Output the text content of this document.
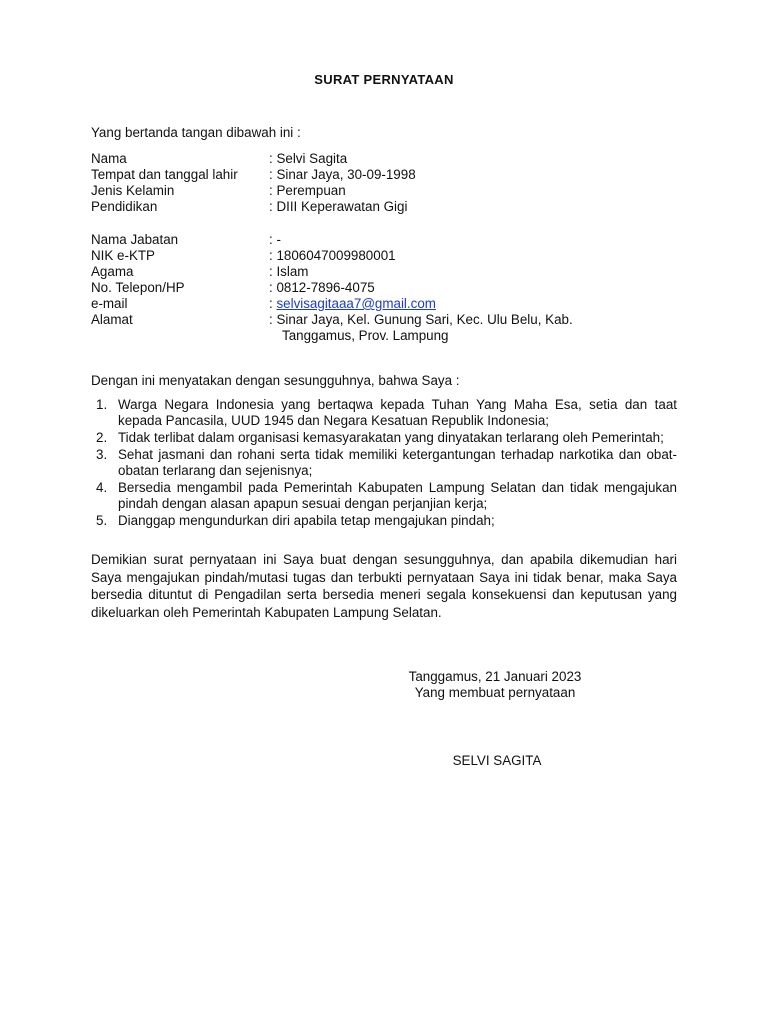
SURAT PERNYATAAN
Yang bertanda tangan dibawah ini :
Nama	: Selvi Sagita
Tempat dan tanggal lahir	: Sinar Jaya, 30-09-1998
Jenis Kelamin	: Perempuan
Pendidikan	: DIII Keperawatan Gigi
Nama Jabatan	: -
NIK e-KTP	: 1806047009980001
Agama	: Islam
No. Telepon/HP	: 0812-7896-4075
e-mail	: selvisagitaaa7@gmail.com
Alamat	: Sinar Jaya, Kel. Gunung Sari, Kec. Ulu Belu, Kab.
Tanggamus, Prov. Lampung
Dengan ini menyatakan dengan sesungguhnya, bahwa Saya :
1. Warga Negara Indonesia yang bertaqwa kepada Tuhan Yang Maha Esa, setia dan taat kepada Pancasila, UUD 1945 dan Negara Kesatuan Republik Indonesia;
2. Tidak terlibat dalam organisasi kemasyarakatan yang dinyatakan terlarang oleh Pemerintah;
3. Sehat jasmani dan rohani serta tidak memiliki ketergantungan terhadap narkotika dan obat-obatan terlarang dan sejenisnya;
4. Bersedia mengambil pada Pemerintah Kabupaten Lampung Selatan dan tidak mengajukan pindah dengan alasan apapun sesuai dengan perjanjian kerja;
5. Dianggap mengundurkan diri apabila tetap mengajukan pindah;
Demikian surat pernyataan ini Saya buat dengan sesungguhnya, dan apabila dikemudian hari Saya mengajukan pindah/mutasi tugas dan terbukti pernyataan Saya ini tidak benar, maka Saya bersedia dituntut di Pengadilan serta bersedia meneri segala konsekuensi dan keputusan yang dikeluarkan oleh Pemerintah Kabupaten Lampung Selatan.
Tanggamus, 21 Januari 2023
Yang membuat pernyataan
SELVI SAGITA
